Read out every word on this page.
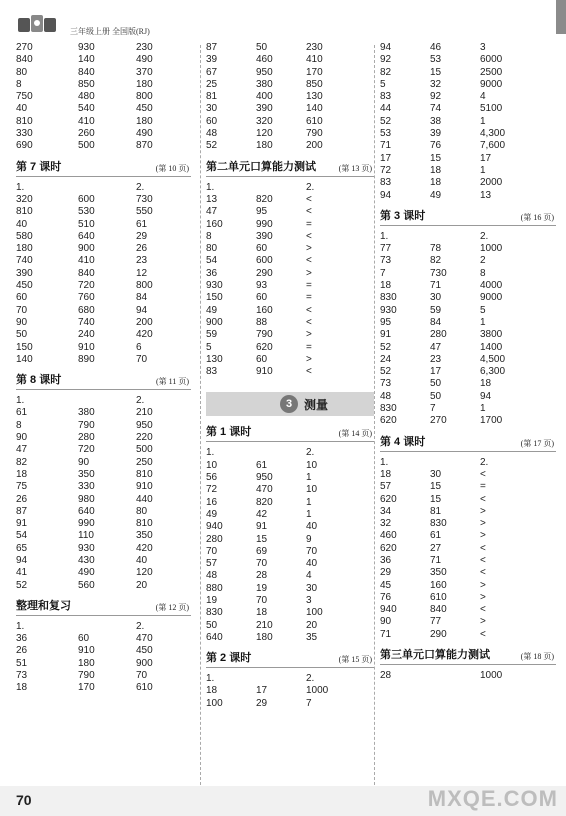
三年级上册 全国版(RJ)
270	930	230
840	140	490
80	840	370
8	850	180
750	480	800
40	540	450
810	410	180
330	260	490
690	500	870
第 7 课时	(第 10 页)
1.	2.
320	600	730
810	530	550
40	510	61
580	640	29
180	900	26
740	410	23
390	840	12
450	720	800
60	760	84
70	680	94
90	740	200
50	240	420
150	910	6
140	890	70
第 8 课时	(第 11 页)
1.	2.
61	380	210
8	790	950
90	280	220
47	720	500
82	90	250
18	350	810
75	330	910
26	980	440
87	640	80
91	990	810
54	110	350
65	930	420
94	430	40
41	490	120
52	560	20
整理和复习	(第 12 页)
1.	2.
36	60	470
26	910	450
51	180	900
73	790	70
18	170	610
87	50	230
39	460	410
67	950	170
25	380	850
81	400	130
30	390	140
60	320	610
48	120	790
52	180	200
第二单元口算能力测试	(第 13 页)
1.	2.
13	820	<
47	95	<
160	990	=
8	390	<
80	60	>
54	600	<
36	290	>
930	93	=
150	60	=
49	160	<
900	88	<
59	790	>
5	620	=
130	60	>
83	910	<
3 测量
第 1 课时	(第 14 页)
1.	2.
10	61	10
56	950	1
72	470	10
16	820	1
49	42	1
940	91	40
280	15	9
70	69	70
57	70	40
48	28	4
880	19	30
19	70	3
830	18	100
50	210	20
640	180	35
第 2 课时	(第 15 页)
1.	2.
18	17	1000
100	29	7
94	46	3
92	53	6000
82	15	2500
5	32	9000
83	92	4
44	74	5100
52	38	1
53	39	4,300
71	76	7,600
17	15	17
72	18	1
83	18	2000
94	49	13
第 3 课时	(第 16 页)
1.	2.
77	78	1000
73	82	2
7	730	8
18	71	4000
830	30	9000
930	59	5
95	84	1
91	280	3800
52	47	1400
24	23	4,500
52	17	6,300
73	50	18
48	50	94
830	7	1
620	270	1700
第 4 课时	(第 17 页)
1.	2.
18	30	<
57	15	=
620	15	<
34	81	>
32	830	>
460	61	>
620	27	<
36	71	<
29	350	<
45	160	>
76	610	>
940	840	<
90	77	>
71	290	<
第三单元口算能力测试	(第 18 页)
28	1000
MXQE.COM
70
